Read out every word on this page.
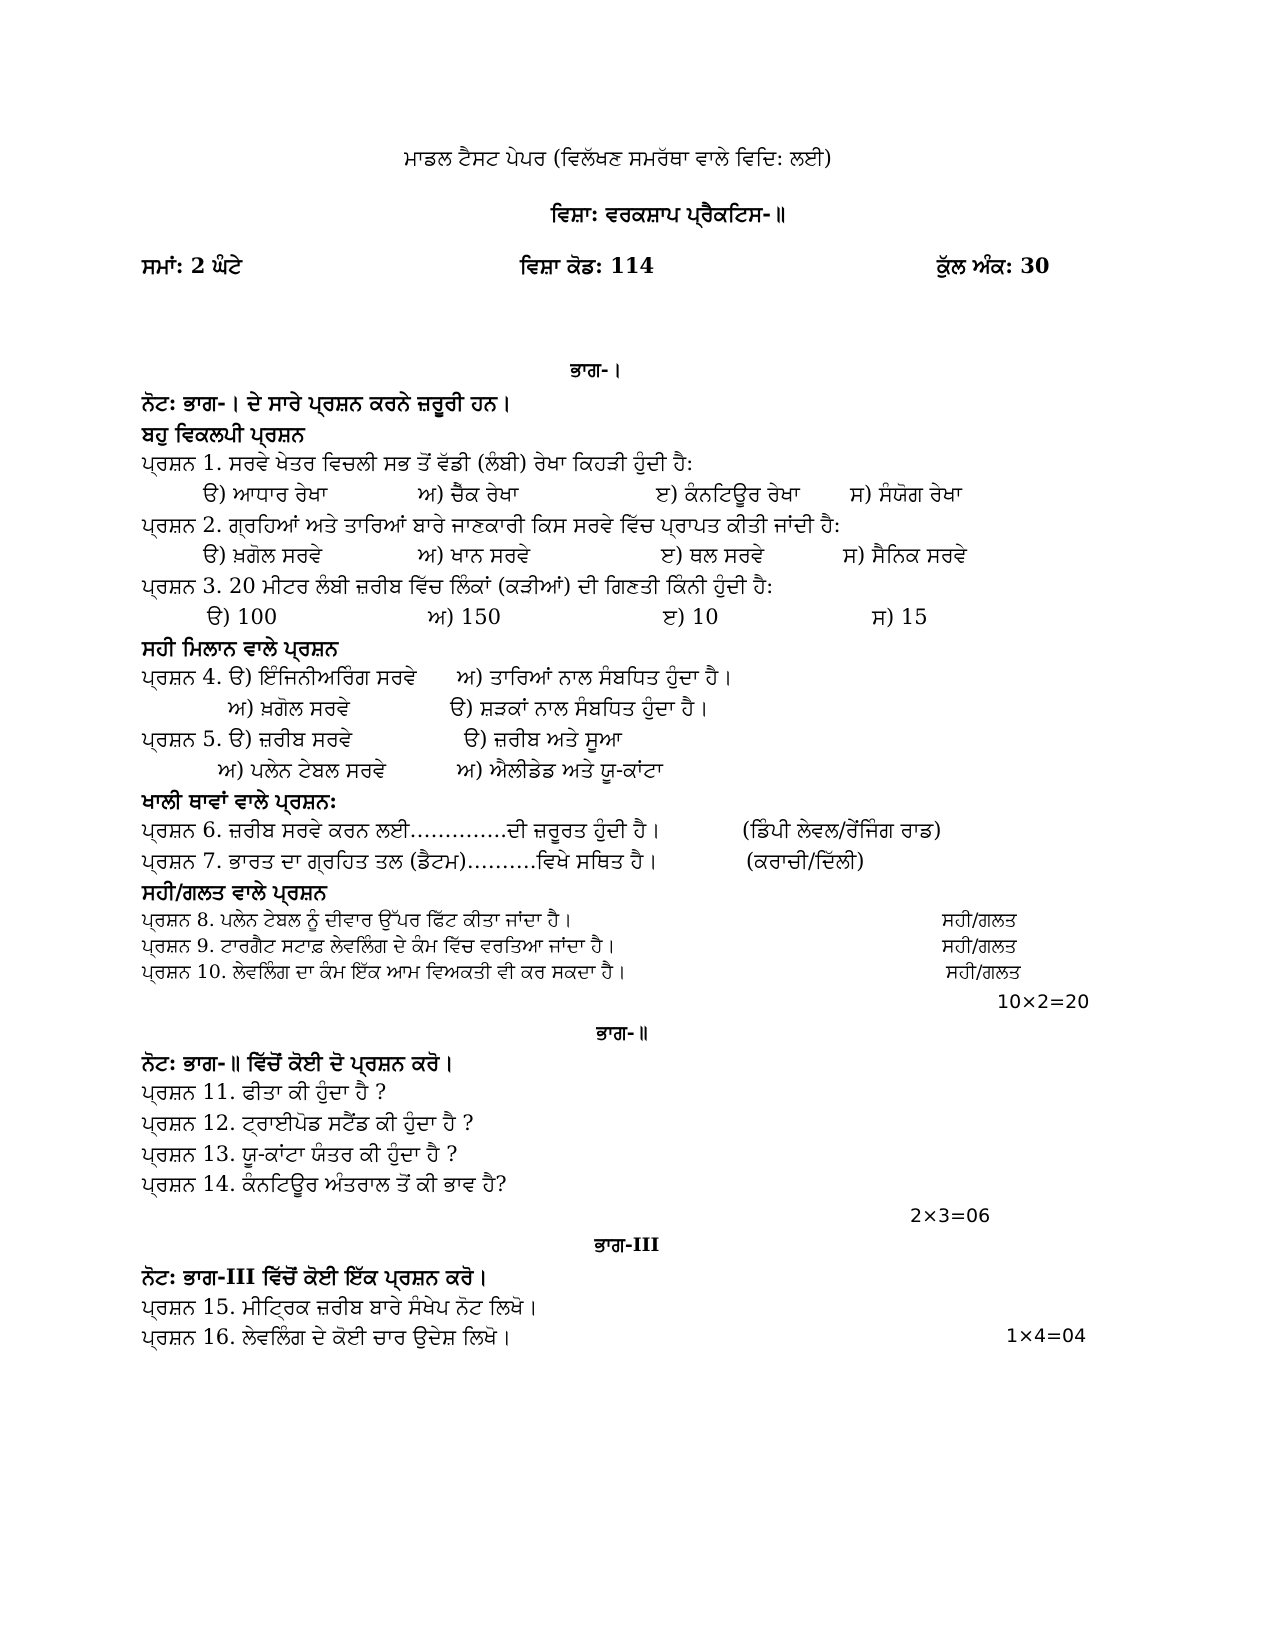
ਮਾਡਲ ਟੈਸਟ ਪੇਪਰ (ਵਿਲੱਖਣ ਸਮਰੱਥਾ ਵਾਲੇ ਵਿਦਿ: ਲਈ)
ਵਿਸ਼ਾ: ਵਰਕਸ਼ਾਪ ਪ੍ਰੈਕਟਿਸ-॥
ਸਮਾਂ: 2 ਘੰਟੇ	ਵਿਸ਼ਾ ਕੋਡ: 114	ਕੁੱਲ ਅੰਕ: 30
ਭਾਗ-।
ਨੋਟ: ਭਾਗ-। ਦੇ ਸਾਰੇ ਪ੍ਰਸ਼ਨ ਕਰਨੇ ਜ਼ਰੂਰੀ ਹਨ।
ਬਹੁ ਵਿਕਲਪੀ ਪ੍ਰਸ਼ਨ
ਪ੍ਰਸ਼ਨ 1. ਸਰਵੇ ਖੇਤਰ ਵਿਚਲੀ ਸਭ ਤੋਂ ਵੱਡੀ (ਲੰਬੀ) ਰੇਖਾ ਕਿਹੜੀ ਹੁੰਦੀ ਹੈ:
ੳ) ਆਧਾਰ ਰੇਖਾ	ਅ) ਚੈੱਕ ਰੇਖਾ	ੲ) ਕੰਨਟਿਊਰ ਰੇਖਾ ਸ) ਸੰਯੋਗ ਰੇਖਾ
ਪ੍ਰਸ਼ਨ 2. ਗ੍ਰਹਿਆਂ ਅਤੇ ਤਾਰਿਆਂ ਬਾਰੇ ਜਾਣਕਾਰੀ ਕਿਸ ਸਰਵੇ ਵਿੱਚ ਪ੍ਰਾਪਤ ਕੀਤੀ ਜਾਂਦੀ ਹੈ:
ੳ) ਖ਼ਗੋਲ ਸਰਵੇ	ਅ) ਖਾਨ ਸਰਵੇ	ੲ) ਥਲ ਸਰਵੇ	ਸ) ਸੈਨਿਕ ਸਰਵੇ
ਪ੍ਰਸ਼ਨ 3. 20 ਮੀਟਰ ਲੰਬੀ ਜ਼ਰੀਬ ਵਿੱਚ ਲਿੰਕਾਂ (ਕੜੀਆਂ) ਦੀ ਗਿਣਤੀ ਕਿੰਨੀ ਹੁੰਦੀ ਹੈ:
ੳ) 100	ਅ) 150	ੲ) 10	ਸ) 15
ਸਹੀ ਮਿਲਾਨ ਵਾਲੇ ਪ੍ਰਸ਼ਨ
ਪ੍ਰਸ਼ਨ 4. ੳ) ਇੰਜਿਨੀਅਰਿੰਗ ਸਰਵੇ ਅ) ਤਾਰਿਆਂ ਨਾਲ ਸੰਬਧਿਤ ਹੁੰਦਾ ਹੈ।
ਅ) ਖ਼ਗੋਲ ਸਰਵੇ	ੳ) ਸ਼ੜਕਾਂ ਨਾਲ ਸੰਬਧਿਤ ਹੁੰਦਾ ਹੈ।
ਪ੍ਰਸ਼ਨ 5. ੳ) ਜ਼ਰੀਬ ਸਰਵੇ	ੳ) ਜ਼ਰੀਬ ਅਤੇ ਸੂਆ
ਅ) ਪਲੇਨ ਟੇਬਲ ਸਰਵੇ	ਅ) ਐਲੀਡੇਡ ਅਤੇ ਯੂ-ਕਾਂਟਾ
ਖਾਲੀ ਥਾਵਾਂ ਵਾਲੇ ਪ੍ਰਸ਼ਨ:
ਪ੍ਰਸ਼ਨ 6. ਜ਼ਰੀਬ ਸਰਵੇ ਕਰਨ ਲਈ…………..ਦੀ ਜ਼ਰੂਰਤ ਹੁੰਦੀ ਹੈ।	(ਡਿੰਪੀ ਲੇਵਲ/ਰੇਂਜਿੰਗ ਰਾਡ)
ਪ੍ਰਸ਼ਨ 7. ਭਾਰਤ ਦਾ ਗ੍ਰਹਿਤ ਤਲ (ਡੈਟਮ)……….ਵਿਖੇ ਸਥਿਤ ਹੈ।	(ਕਰਾਚੀ/ਦਿੱਲੀ)
ਸਹੀ/ਗਲਤ ਵਾਲੇ ਪ੍ਰਸ਼ਨ
ਪ੍ਰਸ਼ਨ 8. ਪਲੇਨ ਟੇਬਲ ਨੂੰ ਦੀਵਾਰ ਉੱਪਰ ਫਿੱਟ ਕੀਤਾ ਜਾਂਦਾ ਹੈ।	ਸਹੀ/ਗਲਤ
ਪ੍ਰਸ਼ਨ 9. ਟਾਰਗੈਟ ਸਟਾਫ਼ ਲੇਵਲਿੰਗ ਦੇ ਕੰਮ ਵਿੱਚ ਵਰਤਿਆ ਜਾਂਦਾ ਹੈ।	ਸਹੀ/ਗਲਤ
ਪ੍ਰਸ਼ਨ 10. ਲੇਵਲਿੰਗ ਦਾ ਕੰਮ ਇੱਕ ਆਮ ਵਿਅਕਤੀ ਵੀ ਕਰ ਸਕਦਾ ਹੈ।	ਸਹੀ/ਗਲਤ
10×2=20
ਭਾਗ-॥
ਨੋਟ: ਭਾਗ-॥ ਵਿੱਚੋਂ ਕੋਈ ਦੋ ਪ੍ਰਸ਼ਨ ਕਰੋ।
ਪ੍ਰਸ਼ਨ 11. ਫੀਤਾ ਕੀ ਹੁੰਦਾ ਹੈ ?
ਪ੍ਰਸ਼ਨ 12. ਟ੍ਰਾਈਪੋਡ ਸਟੈਂਡ ਕੀ ਹੁੰਦਾ ਹੈ ?
ਪ੍ਰਸ਼ਨ 13. ਯੂ-ਕਾਂਟਾ ਯੰਤਰ ਕੀ ਹੁੰਦਾ ਹੈ ?
ਪ੍ਰਸ਼ਨ 14. ਕੰਨਟਿਊਰ ਅੰਤਰਾਲ ਤੋਂ ਕੀ ਭਾਵ ਹੈ?
2×3=06
ਭਾਗ-III
ਨੋਟ: ਭਾਗ-III ਵਿੱਚੋਂ ਕੋਈ ਇੱਕ ਪ੍ਰਸ਼ਨ ਕਰੋ।
ਪ੍ਰਸ਼ਨ 15. ਮੀਟ੍ਰਿਕ ਜ਼ਰੀਬ ਬਾਰੇ ਸੰਖੇਪ ਨੋਟ ਲਿਖੋ।
ਪ੍ਰਸ਼ਨ 16. ਲੇਵਲਿੰਗ ਦੇ ਕੋਈ ਚਾਰ ਉਦੇਸ਼ ਲਿਖੋ।	1×4=04
